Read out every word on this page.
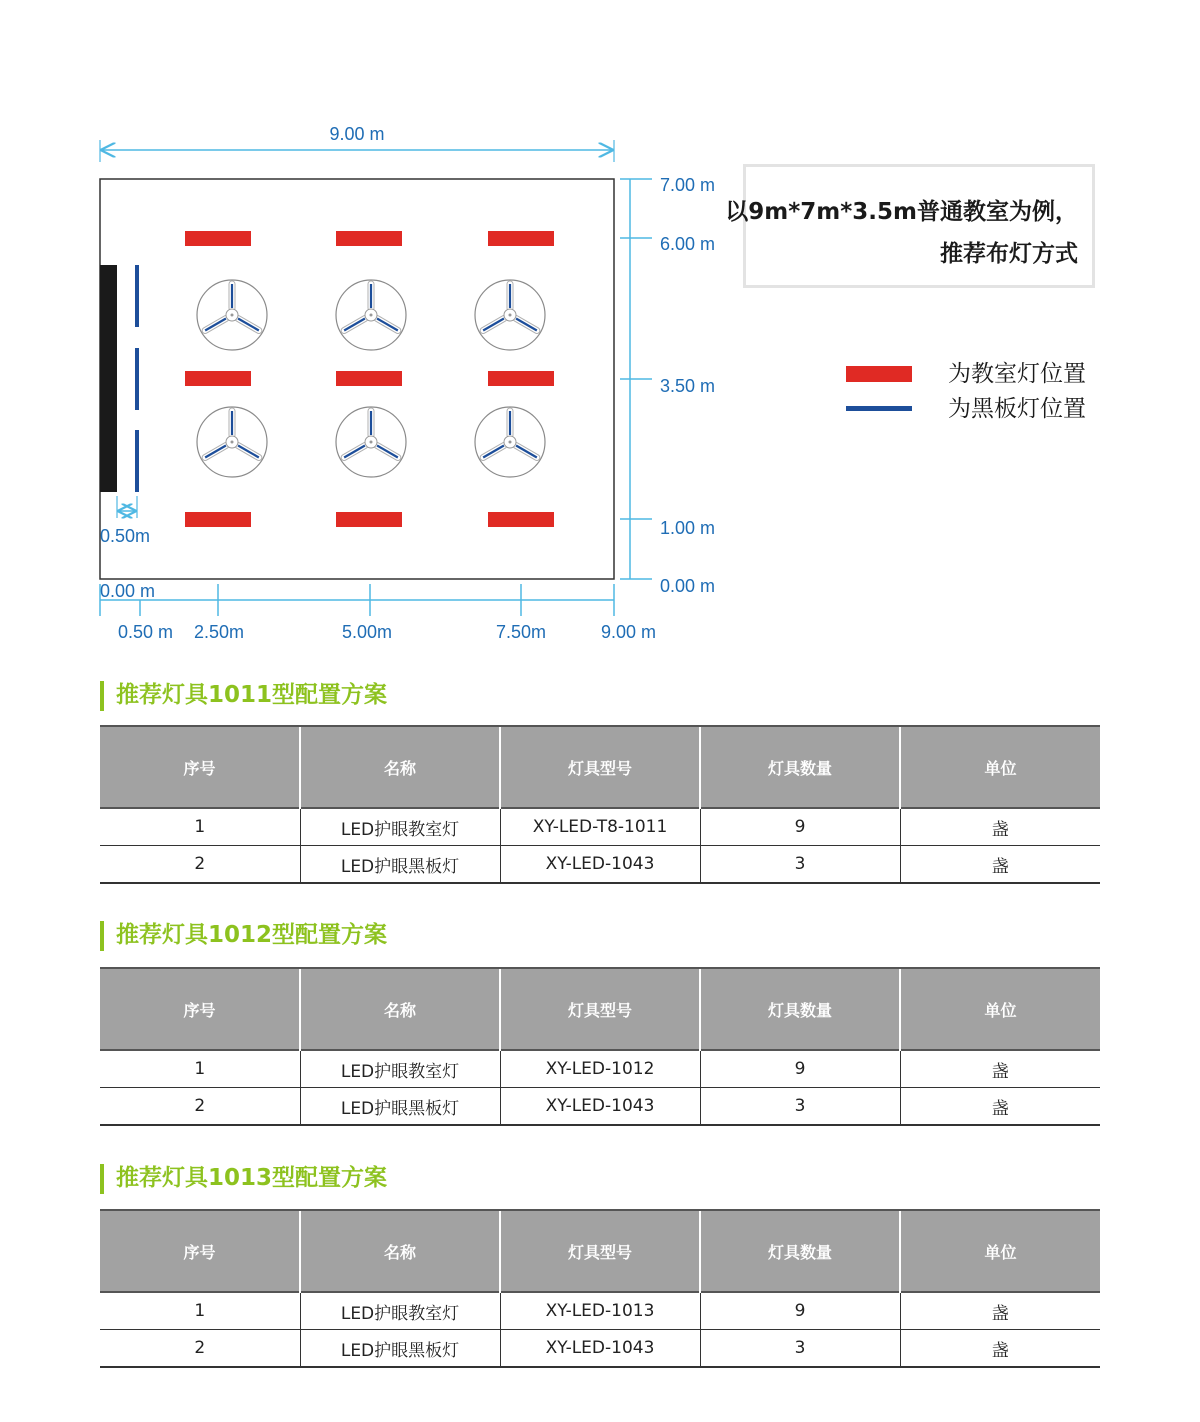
9.00 m
7.00 m
6.00 m
3.50 m
1.00 m
0.00 m
0.50m
0.00 m
0.50 m 2.50m	5.00m	7.50m	9.00 m
以9m*7m*3.5m普通教室为例，
推荐布灯方式
为教室灯位置
为黑板灯位置
推荐灯具1011型配置方案
序号	名称	灯具型号	灯具数量	单位
1	LED护眼教室灯	XY-LED-T8-1011	9	盏
2	LED护眼黑板灯	XY-LED-1043	3	盏
推荐灯具1012型配置方案
序号	名称	灯具型号	灯具数量	单位
1	LED护眼教室灯	XY-LED-1012	9	盏
2	LED护眼黑板灯	XY-LED-1043	3	盏
推荐灯具1013型配置方案
序号	名称	灯具型号	灯具数量	单位
1	LED护眼教室灯	XY-LED-1013	9	盏
2	LED护眼黑板灯	XY-LED-1043	3	盏
